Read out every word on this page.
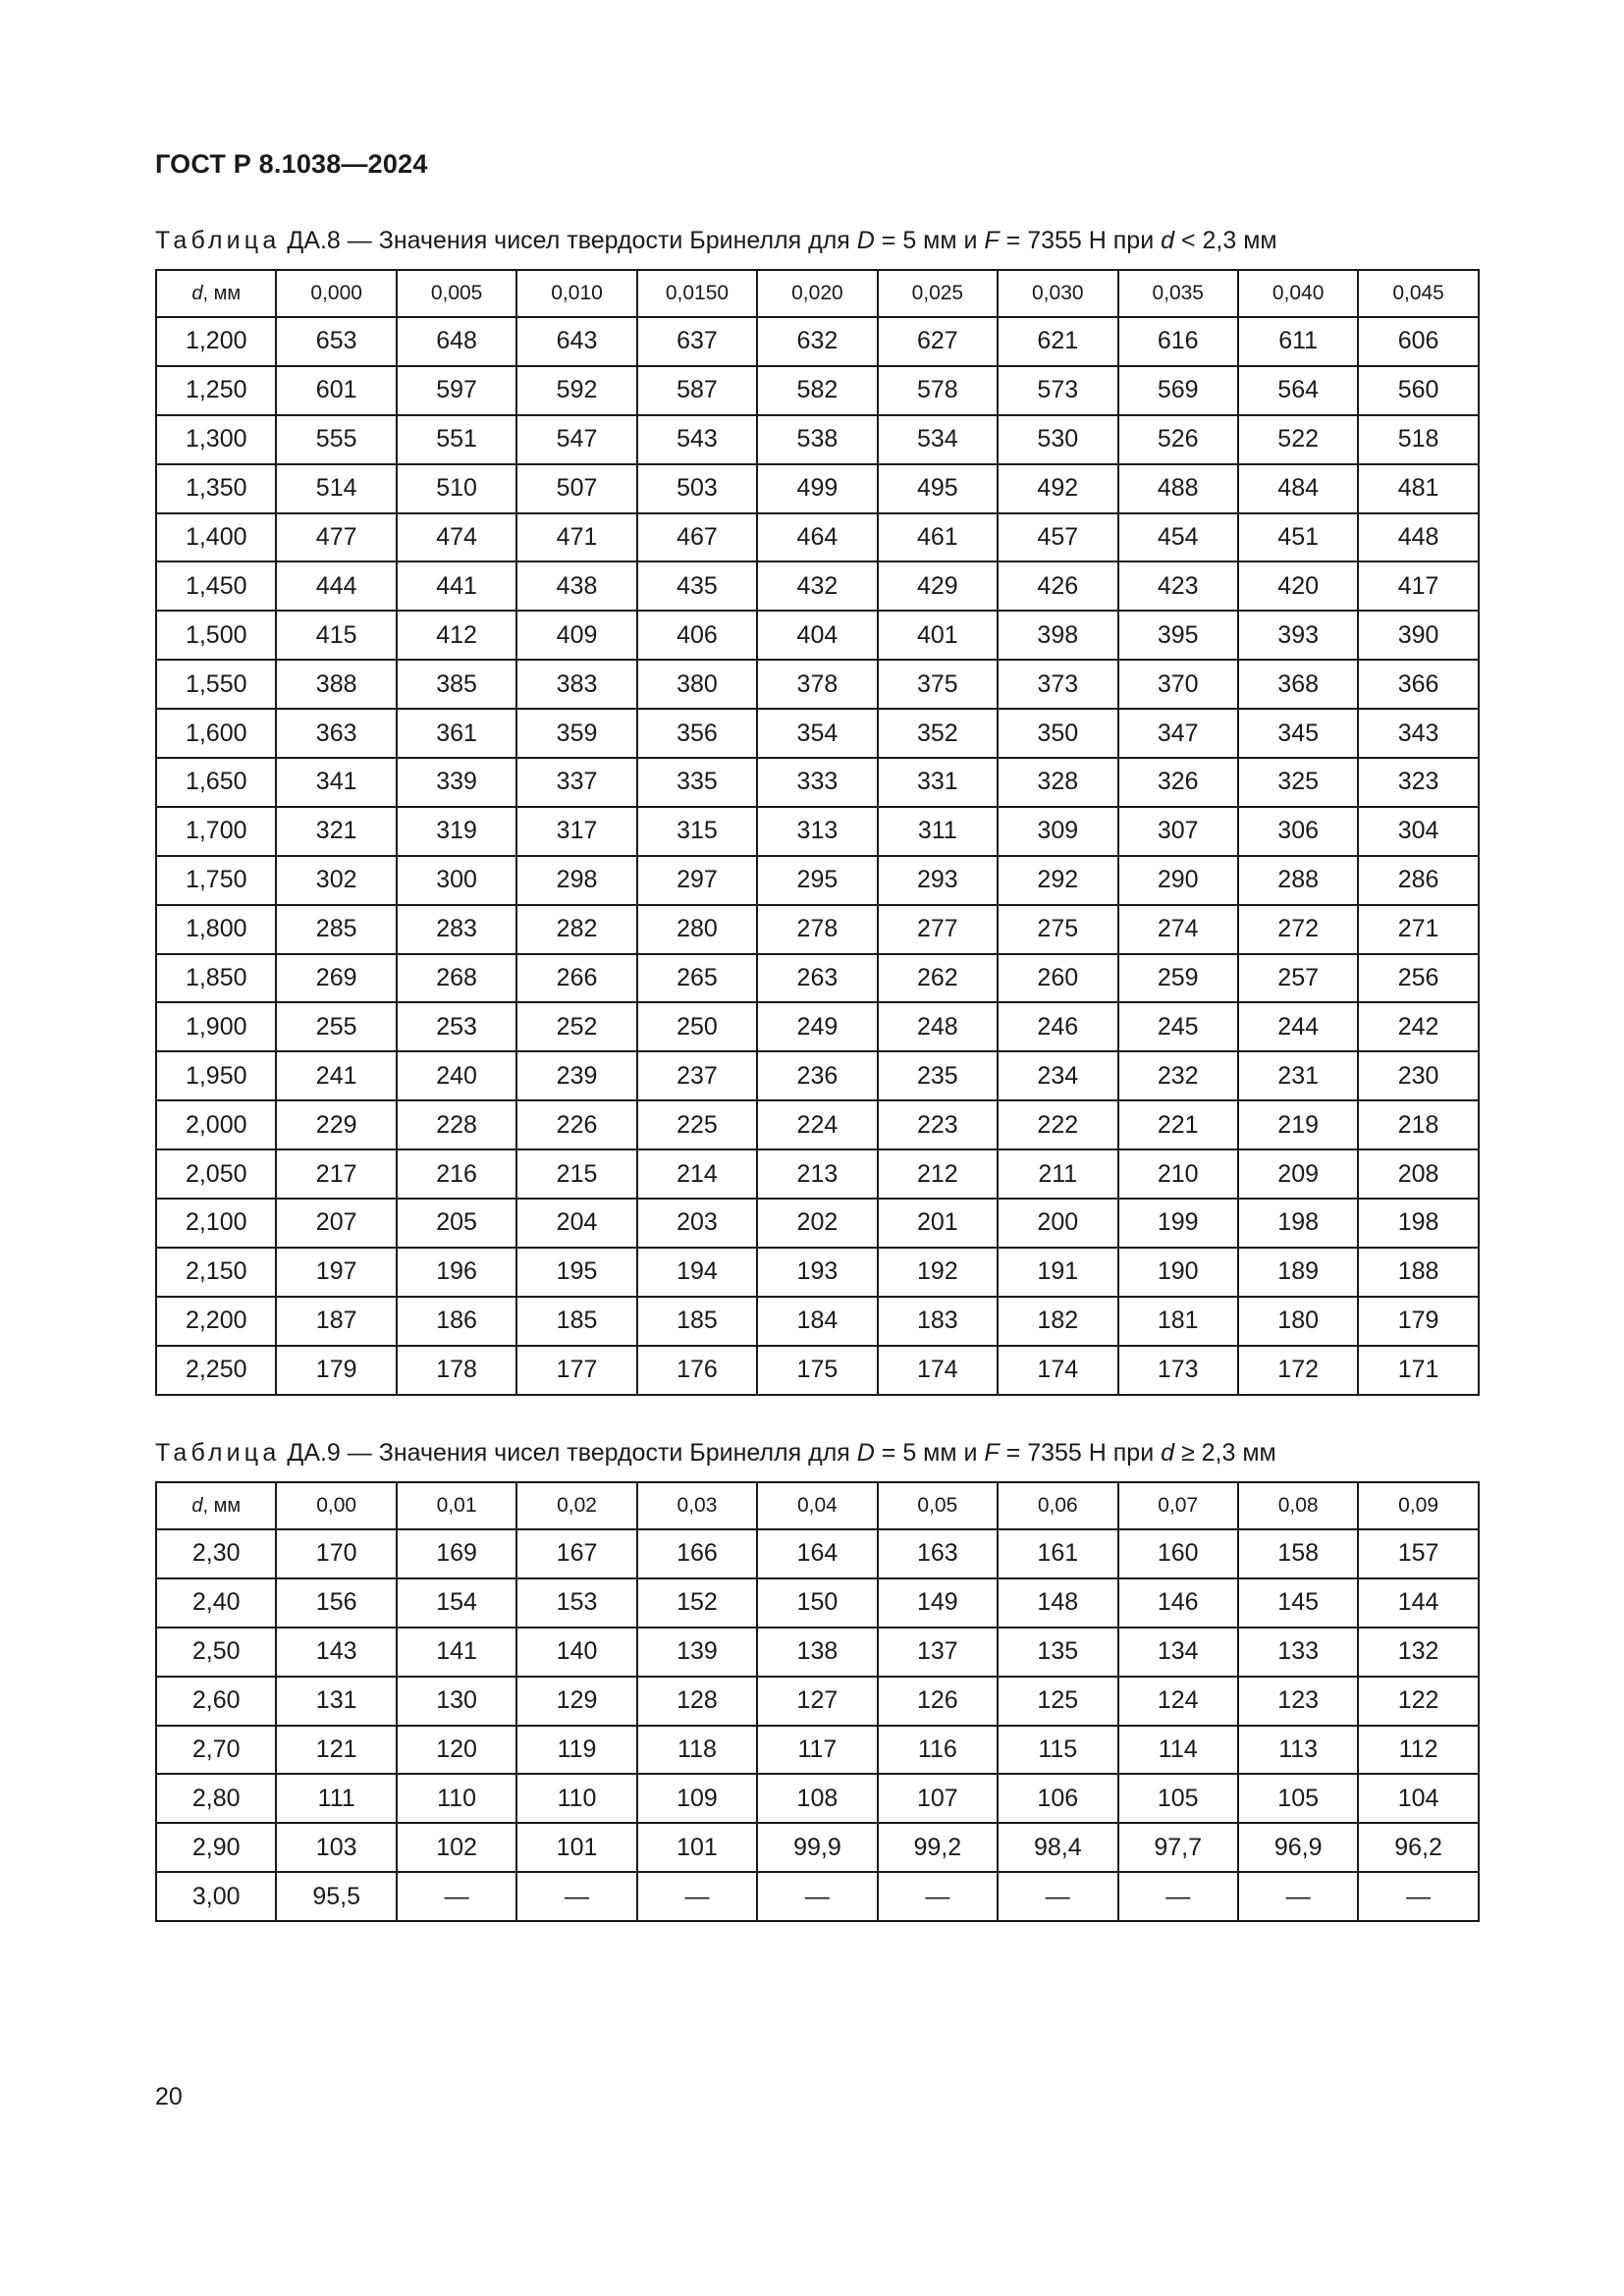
ГОСТ Р 8.1038—2024
Таблица ДА.8 — Значения чисел твердости Бринелля для D = 5 мм и F = 7355 Н при d < 2,3 мм
d, мм	0,000	0,005	0,010	0,0150	0,020	0,025	0,030	0,035	0,040	0,045
1,200	653	648	643	637	632	627	621	616	611	606
1,250	601	597	592	587	582	578	573	569	564	560
1,300	555	551	547	543	538	534	530	526	522	518
1,350	514	510	507	503	499	495	492	488	484	481
1,400	477	474	471	467	464	461	457	454	451	448
1,450	444	441	438	435	432	429	426	423	420	417
1,500	415	412	409	406	404	401	398	395	393	390
1,550	388	385	383	380	378	375	373	370	368	366
1,600	363	361	359	356	354	352	350	347	345	343
1,650	341	339	337	335	333	331	328	326	325	323
1,700	321	319	317	315	313	311	309	307	306	304
1,750	302	300	298	297	295	293	292	290	288	286
1,800	285	283	282	280	278	277	275	274	272	271
1,850	269	268	266	265	263	262	260	259	257	256
1,900	255	253	252	250	249	248	246	245	244	242
1,950	241	240	239	237	236	235	234	232	231	230
2,000	229	228	226	225	224	223	222	221	219	218
2,050	217	216	215	214	213	212	211	210	209	208
2,100	207	205	204	203	202	201	200	199	198	198
2,150	197	196	195	194	193	192	191	190	189	188
2,200	187	186	185	185	184	183	182	181	180	179
2,250	179	178	177	176	175	174	174	173	172	171
Таблица ДА.9 — Значения чисел твердости Бринелля для D = 5 мм и F = 7355 Н при d ≥ 2,3 мм
d, мм	0,00	0,01	0,02	0,03	0,04	0,05	0,06	0,07	0,08	0,09
2,30	170	169	167	166	164	163	161	160	158	157
2,40	156	154	153	152	150	149	148	146	145	144
2,50	143	141	140	139	138	137	135	134	133	132
2,60	131	130	129	128	127	126	125	124	123	122
2,70	121	120	119	118	117	116	115	114	113	112
2,80	111	110	110	109	108	107	106	105	105	104
2,90	103	102	101	101	99,9	99,2	98,4	97,7	96,9	96,2
3,00	95,5	—	—	—	—	—	—	—	—	—
20
